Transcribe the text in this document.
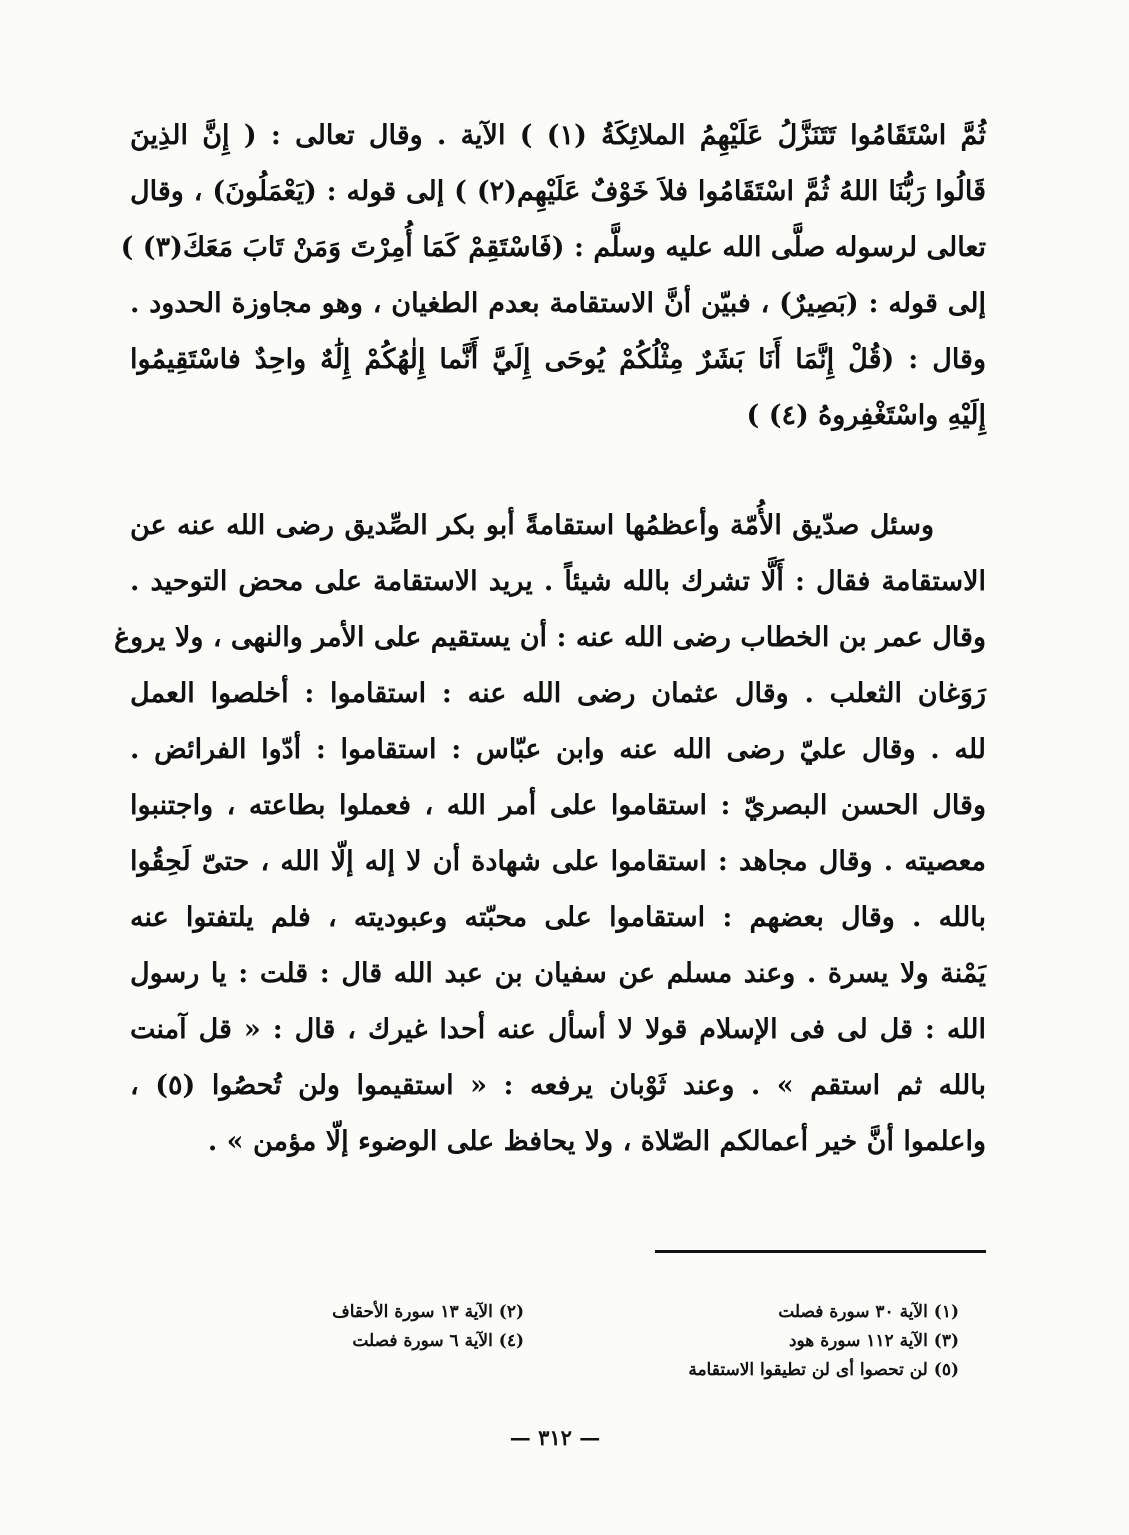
ثُمَّ اسْتَقَامُوا تَتَنَزَّلُ عَلَيْهِمُ الملائِكَةُ (١) ) الآية . وقال تعالى : ( إِنَّ الذِينَ
قَالُوا رَبُّنَا اللهُ ثُمَّ اسْتَقَامُوا فلاَ خَوْفٌ عَلَيْهِم(٢) ) إلى قوله : (يَعْمَلُونَ) ، وقال
تعالى لرسوله صلَّى الله عليه وسلَّم : (فَاسْتَقِمْ كَمَا أُمِرْتَ وَمَنْ تَابَ مَعَكَ(٣) )
إلى قوله : (بَصِيرٌ) ، فبيّن أنَّ الاستقامة بعدم الطغيان ، وهو مجاوزة الحدود .
وقال : (قُلْ إِنَّمَا أَنَا بَشَرٌ مِثْلُكُمْ يُوحَى إِلَيَّ أَنَّما إِلٰهُكُمْ إِلَٰهٌ واحِدٌ فاسْتَقِيمُوا
إِلَيْهِ واسْتَغْفِروهُ (٤) )
وسئل صدّيق الأُمّة وأعظمُها استقامةً أبو بكر الصِّديق رضى الله عنه عن
الاستقامة فقال : أَلَّا تشرك بالله شيئاً . يريد الاستقامة على محض التوحيد .
وقال عمر بن الخطاب رضى الله عنه : أن يستقيم على الأمر والنهى ، ولا يروغ
رَوَغان الثعلب . وقال عثمان رضى الله عنه : استقاموا : أخلصوا العمل
لله . وقال عليّ رضى الله عنه وابن عبّاس : استقاموا : أدّوا الفرائض .
وقال الحسن البصريّ : استقاموا على أمر الله ، فعملوا بطاعته ، واجتنبوا
معصيته . وقال مجاهد : استقاموا على شهادة أن لا إله إلّا الله ، حتىّ لَحِقُوا
بالله . وقال بعضهم : استقاموا على محبّته وعبوديته ، فلم يلتفتوا عنه
يَمْنة ولا يسرة . وعند مسلم عن سفيان بن عبد الله قال : قلت : يا رسول
الله : قل لى فى الإسلام قولا لا أسأل عنه أحدا غيرك ، قال : « قل آمنت
بالله ثم استقم » . وعند ثَوْبان يرفعه : « استقيموا ولن تُحصُوا (٥) ،
واعلموا أنَّ خير أعمالكم الصّلاة ، ولا يحافظ على الوضوء إلّا مؤمن » .
(١) الآية ٣٠ سورة فصلت
(٣) الآية ١١٢ سورة هود
(٥) لن تحصوا أى لن تطيقوا الاستقامة
(٢) الآية ١٣ سورة الأحقاف
(٤) الآية ٦ سورة فصلت
— ٣١٢ —
